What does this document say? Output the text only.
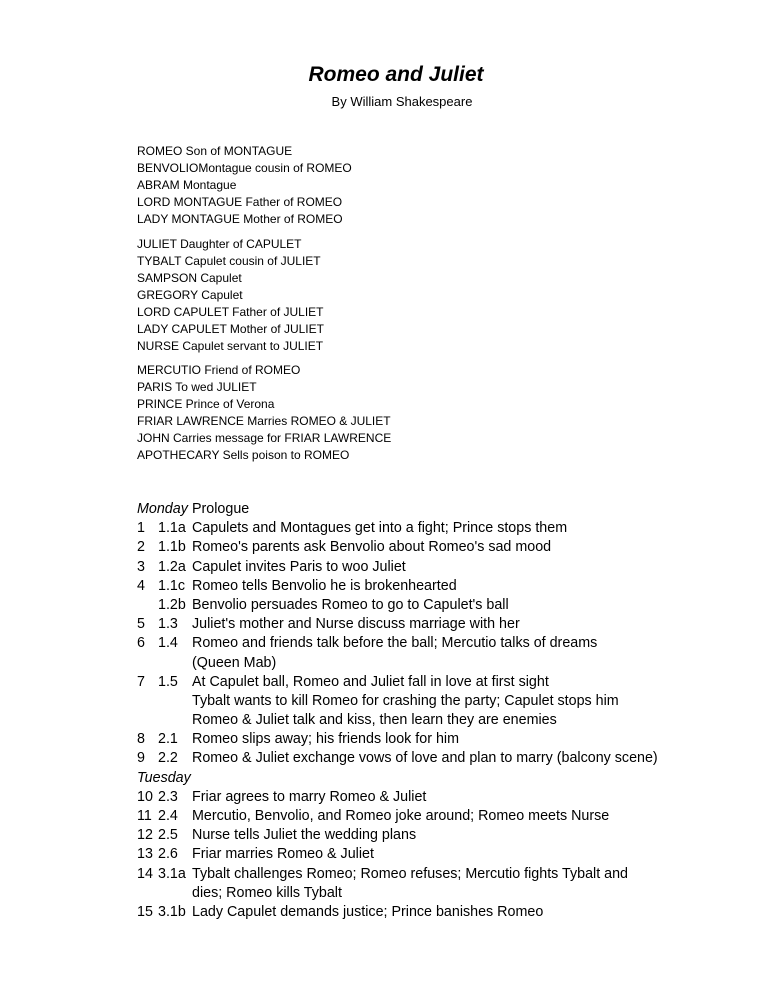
Romeo and Juliet
By William Shakespeare
ROMEO Son of MONTAGUE
BENVOLIOMontague cousin of ROMEO
ABRAM Montague
LORD MONTAGUE Father of ROMEO
LADY MONTAGUE Mother of ROMEO
JULIET Daughter of CAPULET
TYBALT Capulet cousin of JULIET
SAMPSON Capulet
GREGORY Capulet
LORD CAPULET Father of JULIET
LADY CAPULET Mother of JULIET
NURSE Capulet servant to JULIET
MERCUTIO Friend of ROMEO
PARIS To wed JULIET
PRINCE Prince of Verona
FRIAR LAWRENCE Marries ROMEO & JULIET
JOHN Carries message for FRIAR LAWRENCE
APOTHECARY Sells poison to ROMEO
Monday Prologue
1 1.1a Capulets and Montagues get into a fight; Prince stops them
2 1.1b Romeo's parents ask Benvolio about Romeo's sad mood
3 1.2a Capulet invites Paris to woo Juliet
4 1.1c Romeo tells Benvolio he is brokenhearted
1.2b Benvolio persuades Romeo to go to Capulet's ball
5 1.3 Juliet's mother and Nurse discuss marriage with her
6 1.4 Romeo and friends talk before the ball; Mercutio talks of dreams
(Queen Mab)
7 1.5 At Capulet ball, Romeo and Juliet fall in love at first sight
Tybalt wants to kill Romeo for crashing the party; Capulet stops him
Romeo & Juliet talk and kiss, then learn they are enemies
8 2.1 Romeo slips away; his friends look for him
9 2.2 Romeo & Juliet exchange vows of love and plan to marry (balcony scene)
Tuesday
10 2.3 Friar agrees to marry Romeo & Juliet
11 2.4 Mercutio, Benvolio, and Romeo joke around; Romeo meets Nurse
12 2.5 Nurse tells Juliet the wedding plans
13 2.6 Friar marries Romeo & Juliet
14 3.1a Tybalt challenges Romeo; Romeo refuses; Mercutio fights Tybalt and
dies; Romeo kills Tybalt
15 3.1b Lady Capulet demands justice; Prince banishes Romeo
